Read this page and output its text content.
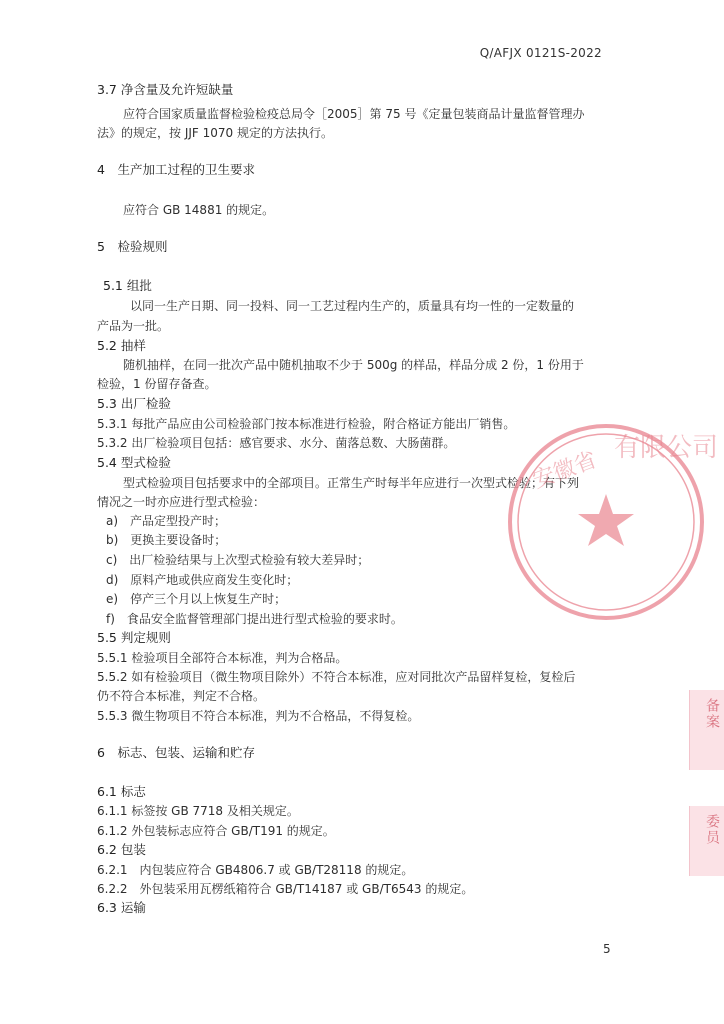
Q/AFJX 0121S-2022
3.7 净含量及允许短缺量
应符合国家质量监督检验检疫总局令［2005］第 75 号《定量包装商品计量监督管理办
法》的规定，按 JJF 1070 规定的方法执行。
4　生产加工过程的卫生要求
应符合 GB 14881 的规定。
5　检验规则
5.1 组批
以同一生产日期、同一投料、同一工艺过程内生产的，质量具有均一性的一定数量的
产品为一批。
5.2 抽样
随机抽样，在同一批次产品中随机抽取不少于 500g 的样品，样品分成 2 份，1 份用于
检验，1 份留存备查。
5.3 出厂检验
5.3.1 每批产品应由公司检验部门按本标准进行检验，附合格证方能出厂销售。
5.3.2 出厂检验项目包括：感官要求、水分、菌落总数、大肠菌群。
5.4 型式检验
型式检验项目包括要求中的全部项目。正常生产时每半年应进行一次型式检验；有下列
情况之一时亦应进行型式检验：
a)　产品定型投产时；
b)　更换主要设备时；
c)　出厂检验结果与上次型式检验有较大差异时；
d)　原料产地或供应商发生变化时；
e)　停产三个月以上恢复生产时；
f)　食品安全监督管理部门提出进行型式检验的要求时。
5.5 判定规则
5.5.1 检验项目全部符合本标准，判为合格品。
5.5.2 如有检验项目（微生物项目除外）不符合本标准，应对同批次产品留样复检，复检后
仍不符合本标准，判定不合格。
5.5.3 微生物项目不符合本标准，判为不合格品，不得复检。
6　标志、包装、运输和贮存
6.1 标志
6.1.1 标签按 GB 7718 及相关规定。
6.1.2 外包装标志应符合 GB/T191 的规定。
6.2 包装
6.2.1　内包装应符合 GB4806.7 或 GB/T28118 的规定。
6.2.2　外包装采用瓦楞纸箱符合 GB/T14187 或 GB/T6543 的规定。
6.3 运输
有限公司
安徽省
备案
委员
5
